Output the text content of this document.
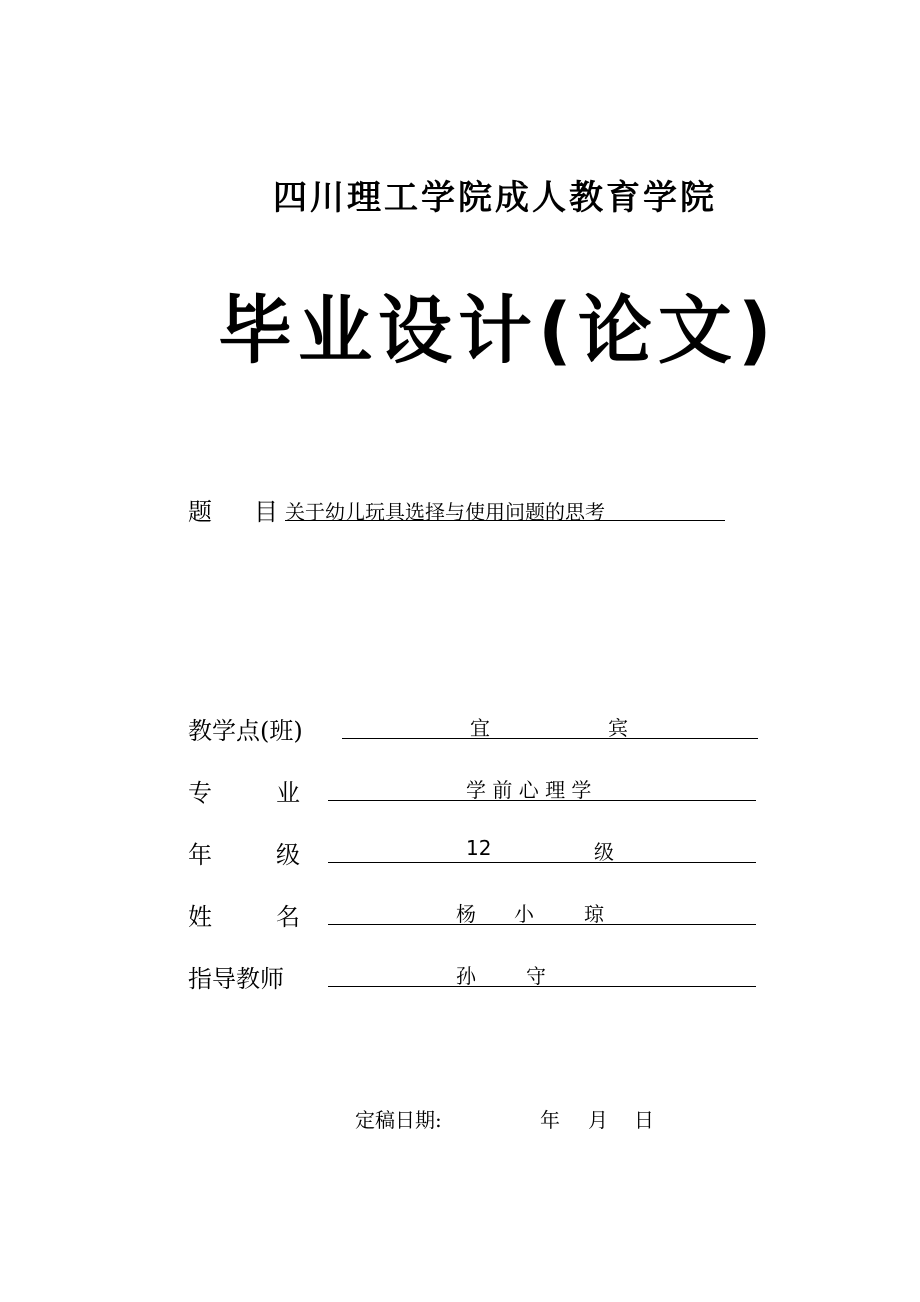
四川理工学院成人教育学院
毕业设计(论文)
题 目 关于幼儿玩具选择与使用问题的思考
教学点(班)	宜	宾
专	业	学 前 心 理 学
年	级	12	级
姓	名	杨 小	琼
指导教师	孙	守
定稿日期:	年 月 日
